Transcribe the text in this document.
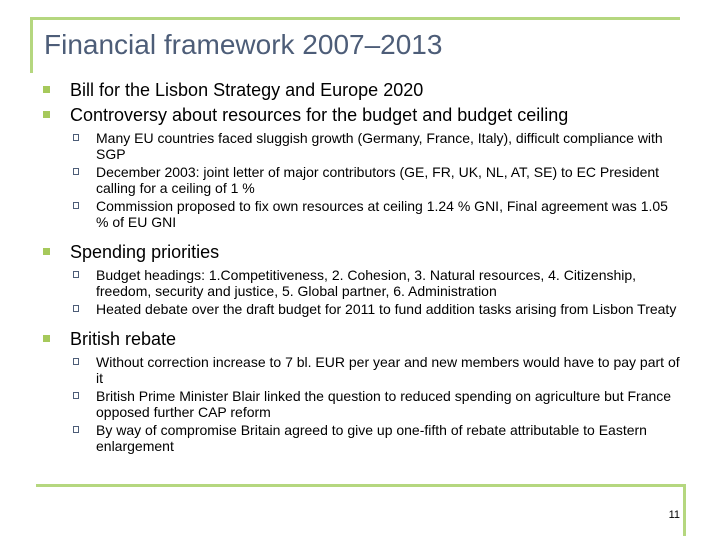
Financial framework 2007–2013
Bill for the Lisbon Strategy and Europe 2020
Controversy about resources for the budget and budget ceiling
Many EU countries faced sluggish growth (Germany, France, Italy), difficult compliance with SGP
December 2003: joint letter of major contributors (GE, FR, UK, NL, AT, SE) to EC President calling for a ceiling of 1 %
Commission proposed to fix own resources at ceiling 1.24 % GNI, Final agreement was 1.05 % of EU GNI
Spending priorities
Budget headings: 1.Competitiveness, 2. Cohesion, 3. Natural resources, 4. Citizenship, freedom, security and justice, 5. Global partner, 6. Administration
Heated debate over the draft budget for 2011 to fund addition tasks arising from Lisbon Treaty
British rebate
Without correction increase to 7 bl. EUR per year and new members would have to pay part of it
British Prime Minister Blair linked the question to reduced spending on agriculture but France opposed further CAP reform
By way of compromise Britain agreed to give up one-fifth of rebate attributable to Eastern enlargement
11
